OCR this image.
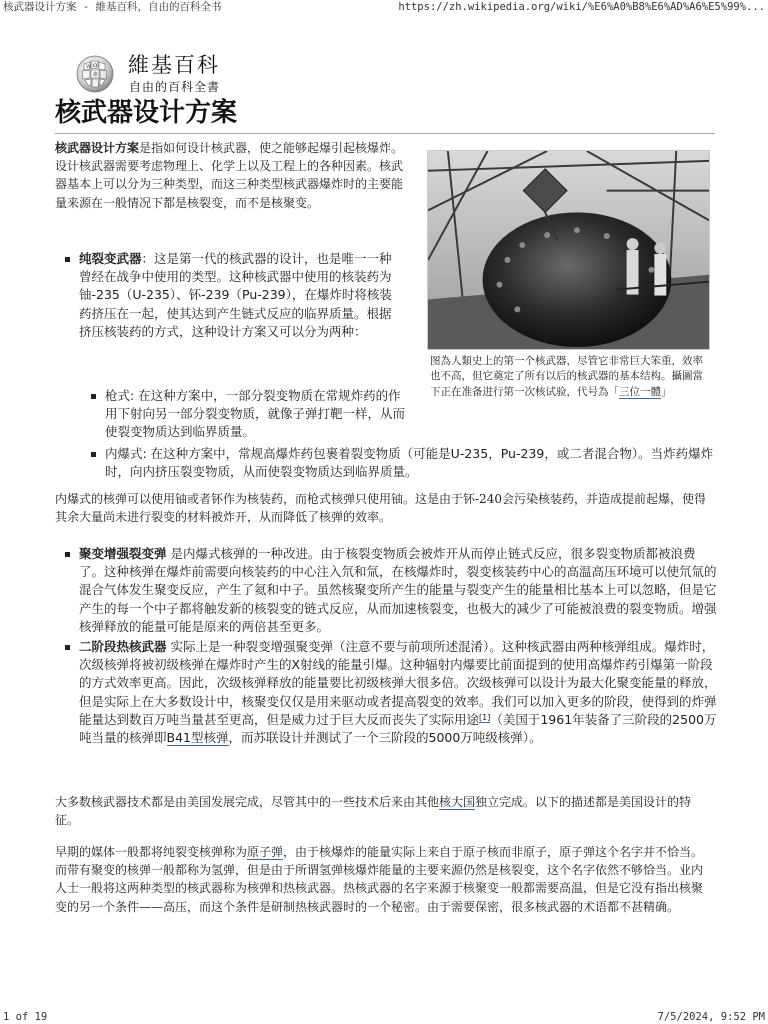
核武器设计方案 - 維基百科，自由的百科全书	https://zh.wikipedia.org/wiki/%E6%A0%B8%E6%AD%A6%E5%99%...
W Ω
維 維基百科
自由的百科全書
核武器设计方案

核武器设计方案是指如何设计核武器，使之能够起爆引起核爆炸。设计核武器需要考虑物理上、化学上以及工程上的各种因素。核武器基本上可以分为三种类型，而这三种类型核武器爆炸时的主要能量来源在一般情况下都是核裂变，而不是核聚变。

图為人類史上的第一个核武器，尽管它非常巨大笨重，效率也不高，但它奠定了所有以后的核武器的基本结构。攝圖當下正在准备进行第一次核试验，代号為「三位一體」
纯裂变武器：这是第一代的核武器的设计，也是唯一一种曾经在战争中使用的类型。这种核武器中使用的核装药为铀-235（U-235）、钚-239（Pu-239），在爆炸时将核装药挤压在一起，使其达到产生链式反应的临界质量。根据挤压核装药的方式，这种设计方案又可以分为两种：
枪式: 在这种方案中，一部分裂变物质在常规炸药的作用下射向另一部分裂变物质，就像子弹打靶一样，从而使裂变物质达到临界质量。
内爆式: 在这种方案中，常规高爆炸药包裹着裂变物质（可能是U-235，Pu-239，或二者混合物）。当炸药爆炸时，向内挤压裂变物质，从而使裂变物质达到临界质量。

内爆式的核弹可以使用铀或者钚作为核装药，而枪式核弹只使用铀。这是由于钚-240会污染核装药，并造成提前起爆，使得其余大量尚未进行裂变的材料被炸开，从而降低了核弹的效率。

聚变增强裂变弹 是内爆式核弹的一种改进。由于核裂变物质会被炸开从而停止链式反应，很多裂变物质都被浪费了。这种核弹在爆炸前需要向核装药的中心注入氘和氚，在核爆炸时，裂变核装药中心的高温高压环境可以使氘氚的混合气体发生聚变反应，产生了氦和中子。虽然核聚变所产生的能量与裂变产生的能量相比基本上可以忽略，但是它产生的每一个中子都将触发新的核裂变的链式反应，从而加速核裂变，也极大的减少了可能被浪费的裂变物质。增强核弹释放的能量可能是原来的两倍甚至更多。
二阶段热核武器 实际上是一种裂变增强聚变弹（注意不要与前项所述混淆）。这种核武器由两种核弹组成。爆炸时，次级核弹将被初级核弹在爆炸时产生的X射线的能量引爆。这种辐射内爆要比前面提到的使用高爆炸药引爆第一阶段的方式效率更高。因此，次级核弹释放的能量要比初级核弹大很多倍。次级核弹可以设计为最大化聚变能量的释放，但是实际上在大多数设计中，核聚变仅仅是用来驱动或者提高裂变的效率。我们可以加入更多的阶段，使得到的炸弹能量达到数百万吨当量甚至更高，但是威力过于巨大反而丧失了实际用途[1]（美国于1961年装备了三阶段的2500万吨当量的核弹即B41型核弹，而苏联设计并测试了一个三阶段的5000万吨级核弹）。

大多数核武器技术都是由美国发展完成，尽管其中的一些技术后来由其他核大国独立完成。以下的描述都是美国设计的特征。

早期的媒体一般都将纯裂变核弹称为原子弹，由于核爆炸的能量实际上来自于原子核而非原子，原子弹这个名字并不恰当。而带有聚变的核弹一般都称为氢弹，但是由于所谓氢弹核爆炸能量的主要来源仍然是核裂变，这个名字依然不够恰当。业内人士一般将这两种类型的核武器称为核弹和热核武器。热核武器的名字来源于核聚变一般都需要高温，但是它没有指出核聚变的另一个条件——高压，而这个条件是研制热核武器时的一个秘密。由于需要保密，很多核武器的术语都不甚精确。

1 of 19	7/5/2024, 9:52 PM
